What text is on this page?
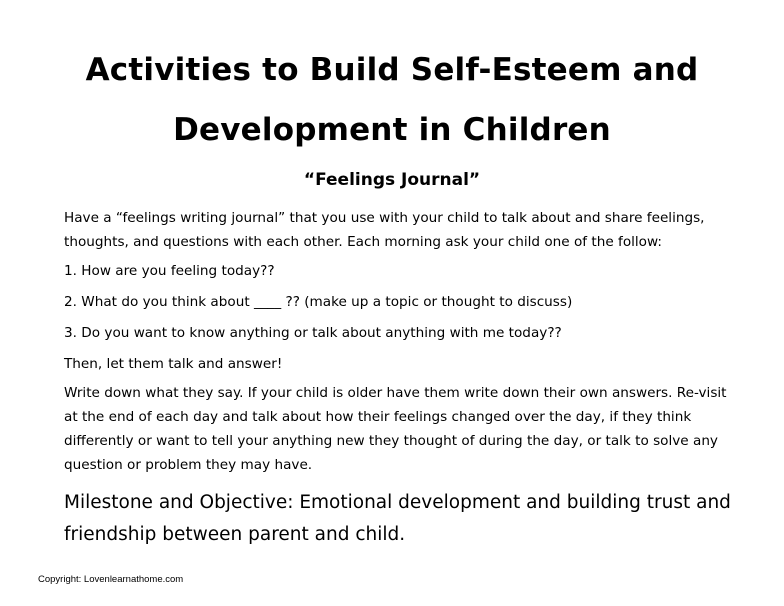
Activities to Build Self-Esteem and
Development in Children
“Feelings Journal”

Have a “feelings writing journal” that you use with your child to talk about and share feelings, thoughts, and questions with each other. Each morning ask your child one of the follow:

1. How are you feeling today??

2. What do you think about ____ ?? (make up a topic or thought to discuss)

3. Do you want to know anything or talk about anything with me today??

Then, let them talk and answer!

Write down what they say. If your child is older have them write down their own answers. Re-visit at the end of each day and talk about how their feelings changed over the day, if they think differently or want to tell your anything new they thought of during the day, or talk to solve any question or problem they may have.

Milestone and Objective: Emotional development and building trust and friendship between parent and child.

Copyright: Lovenlearnathome.com
